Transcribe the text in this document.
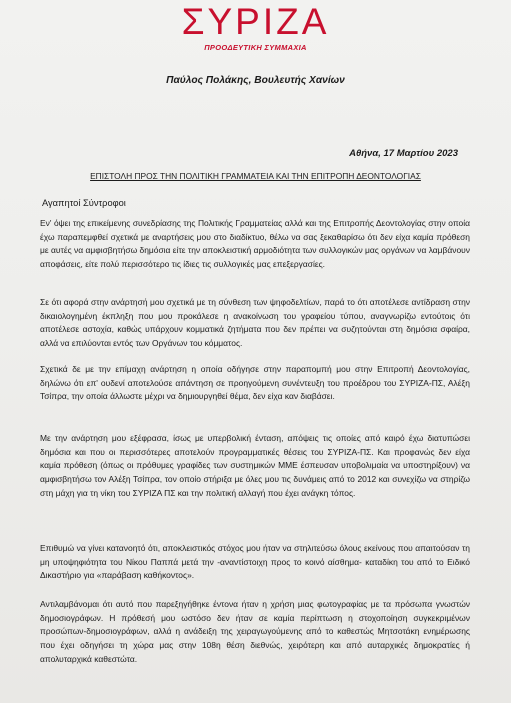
ΣΥΡΙΖΑ
ΠΡΟΟΔΕΥΤΙΚΗ ΣΥΜΜΑΧΙΑ
Παύλος Πολάκης, Βουλευτής Χανίων
Αθήνα, 17 Μαρτίου 2023
ΕΠΙΣΤΟΛΗ ΠΡΟΣ ΤΗΝ ΠΟΛΙΤΙΚΗ ΓΡΑΜΜΑΤΕΙΑ ΚΑΙ ΤΗΝ ΕΠΙΤΡΟΠΗ ΔΕΟΝΤΟΛΟΓΙΑΣ
Αγαπητοί Σύντροφοι

Εν' όψει της επικείμενης συνεδρίασης της Πολιτικής Γραμματείας αλλά και της Επιτροπής Δεοντολογίας στην οποία έχω παραπεμφθεί σχετικά με αναρτήσεις μου στο διαδίκτυο, θέλω να σας ξεκαθαρίσω ότι δεν είχα καμία πρόθεση με αυτές να αμφισβητήσω δημόσια είτε την αποκλειστική αρμοδιότητα των συλλογικών μας οργάνων να λαμβάνουν αποφάσεις, είτε πολύ περισσότερο τις ίδιες τις συλλογικές μας επεξεργασίες.

Σε ότι αφορά στην ανάρτησή μου σχετικά με τη σύνθεση των ψηφοδελτίων, παρά το ότι αποτέλεσε αντίδραση στην δικαιολογημένη έκπληξη που μου προκάλεσε η ανακοίνωση του γραφείου τύπου, αναγνωρίζω εντούτοις ότι αποτέλεσε αστοχία, καθώς υπάρχουν κομματικά ζητήματα που δεν πρέπει να συζητούνται στη δημόσια σφαίρα, αλλά να επιλύονται εντός των Οργάνων του κόμματος.

Σχετικά δε με την επίμαχη ανάρτηση η οποία οδήγησε στην παραπομπή μου στην Επιτροπή Δεοντολογίας, δηλώνω ότι επ' ουδενί αποτελούσε απάντηση σε προηγούμενη συνέντευξη του προέδρου του ΣΥΡΙΖΑ-ΠΣ, Αλέξη Τσίπρα, την οποία άλλωστε μέχρι να δημιουργηθεί θέμα, δεν είχα καν διαβάσει.

Με την ανάρτηση μου εξέφρασα, ίσως με υπερβολική ένταση, απόψεις τις οποίες από καιρό έχω διατυπώσει δημόσια και που οι περισσότερες αποτελούν προγραμματικές θέσεις του ΣΥΡΙΖΑ-ΠΣ. Και προφανώς δεν είχα καμία πρόθεση (όπως οι πρόθυμες γραφίδες των συστημικών ΜΜΕ έσπευσαν υποβολιμαία να υποστηρίξουν) να αμφισβητήσω τον Αλέξη Τσίπρα, τον οποίο στήριξα με όλες μου τις δυνάμεις από το 2012 και συνεχίζω να στηρίζω στη μάχη για τη νίκη του ΣΥΡΙΖΑ ΠΣ και την πολιτική αλλαγή που έχει ανάγκη τόπος.

Επιθυμώ να γίνει κατανοητό ότι, αποκλειστικός στόχος μου ήταν να στηλιτεύσω όλους εκείνους που απαιτούσαν τη μη υποψηφιότητα του Νίκου Παππά μετά την -αναντίστοιχη προς το κοινό αίσθημα- καταδίκη του από το Ειδικό Δικαστήριο για «παράβαση καθήκοντος».

Αντιλαμβάνομαι ότι αυτό που παρεξηγήθηκε έντονα ήταν η χρήση μιας φωτογραφίας με τα πρόσωπα γνωστών δημοσιογράφων. Η πρόθεσή μου ωστόσο δεν ήταν σε καμία περίπτωση η στοχοποίηση συγκεκριμένων προσώπων-δημοσιογράφων, αλλά η ανάδειξη της χειραγωγούμενης από το καθεστώς Μητσοτάκη ενημέρωσης που έχει οδηγήσει τη χώρα μας στην 108η θέση διεθνώς, χειρότερη και από αυταρχικές δημοκρατίες ή απολυταρχικά καθεστώτα.
